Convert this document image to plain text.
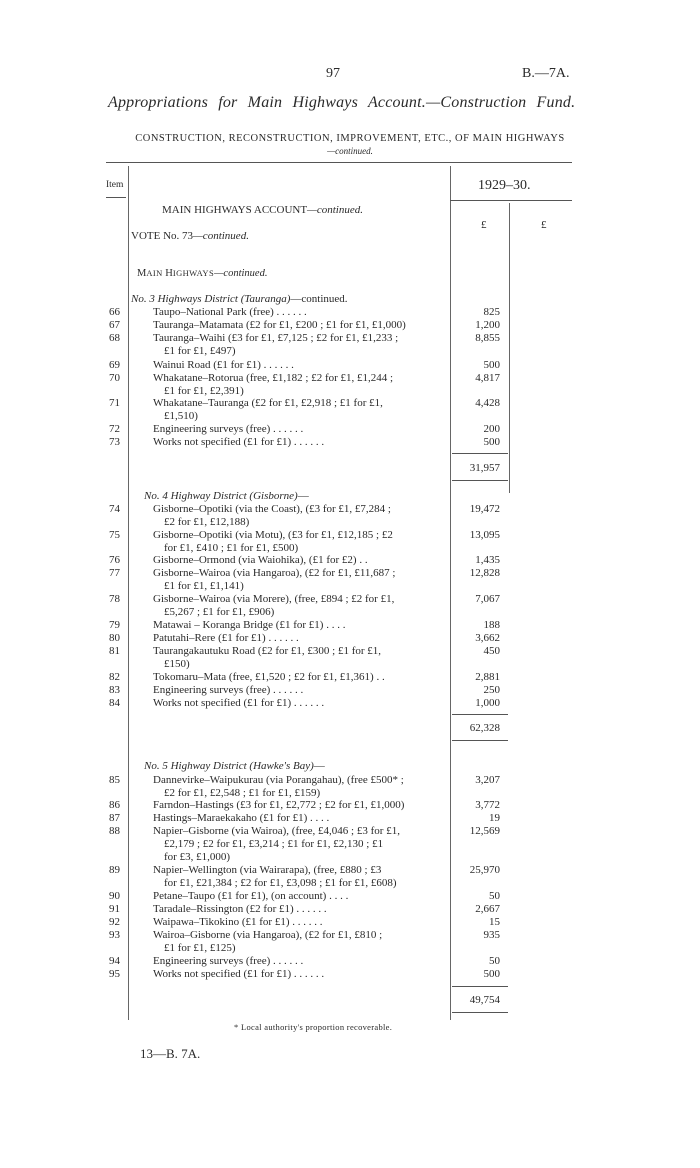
97	B.—7A.
Appropriations for Main Highways Account.—Construction Fund.
CONSTRUCTION, RECONSTRUCTION, IMPROVEMENT, ETC., OF MAIN HIGHWAYS
—continued.
Item	1929–30.
£	£
MAIN HIGHWAYS ACCOUNT—continued.
VOTE No. 73—continued.
MAIN HIGHWAYS—continued.
No. 3 Highways District (Tauranga)—continued.
66	Taupo–National Park (free) . . . . . .	825
67	Tauranga–Matamata (£2 for £1, £200 ; £1 for £1, £1,000)	1,200
68	Tauranga–Waihi (£3 for £1, £7,125 ; £2 for £1, £1,233 ;
£1 for £1, £497)
8,855
69	Wainui Road (£1 for £1) . . . . . .	500
70	Whakatane–Rotorua (free, £1,182 ; £2 for £1, £1,244 ;
£1 for £1, £2,391)
4,817
71	Whakatane–Tauranga (£2 for £1, £2,918 ; £1 for £1,
£1,510)
4,428
72	Engineering surveys (free) . . . . . .	200
73	Works not specified (£1 for £1) . . . . . .	500
31,957
No. 4 Highway District (Gisborne)—
74	Gisborne–Opotiki (via the Coast), (£3 for £1, £7,284 ;
£2 for £1, £12,188)
19,472
75	Gisborne–Opotiki (via Motu), (£3 for £1, £12,185 ; £2
for £1, £410 ; £1 for £1, £500)
13,095
76	Gisborne–Ormond (via Waiohika), (£1 for £2) . .	1,435
77	Gisborne–Wairoa (via Hangaroa), (£2 for £1, £11,687 ;
£1 for £1, £1,141)
12,828
78	Gisborne–Wairoa (via Morere), (free, £894 ; £2 for £1,
£5,267 ; £1 for £1, £906)
7,067
79	Matawai – Koranga Bridge (£1 for £1) . . . .	188
80	Patutahi–Rere (£1 for £1) . . . . . .	3,662
81	Taurangakautuku Road (£2 for £1, £300 ; £1 for £1,
£150)
450
82	Tokomaru–Mata (free, £1,520 ; £2 for £1, £1,361) . .	2,881
83	Engineering surveys (free) . . . . . .	250
84	Works not specified (£1 for £1) . . . . . .	1,000
62,328
No. 5 Highway District (Hawke's Bay)—
85	Dannevirke–Waipukurau (via Porangahau), (free £500* ;
£2 for £1, £2,548 ; £1 for £1, £159)
3,207
86	Farndon–Hastings (£3 for £1, £2,772 ; £2 for £1, £1,000)	3,772
87	Hastings–Maraekakaho (£1 for £1) . . . .	19
88	Napier–Gisborne (via Wairoa), (free, £4,046 ; £3 for £1,
£2,179 ; £2 for £1, £3,214 ; £1 for £1, £2,130 ; £1
for £3, £1,000)
12,569
89	Napier–Wellington (via Wairarapa), (free, £880 ; £3
for £1, £21,384 ; £2 for £1, £3,098 ; £1 for £1, £608)
25,970
90	Petane–Taupo (£1 for £1), (on account) . . . .	50
91	Taradale–Rissington (£2 for £1) . . . . . .	2,667
92	Waipawa–Tikokino (£1 for £1) . . . . . .	15
93	Wairoa–Gisborne (via Hangaroa), (£2 for £1, £810 ;
£1 for £1, £125)
935
94	Engineering surveys (free) . . . . . .	50
95	Works not specified (£1 for £1) . . . . . .	500
49,754
* Local authority's proportion recoverable.
13—B. 7A.
